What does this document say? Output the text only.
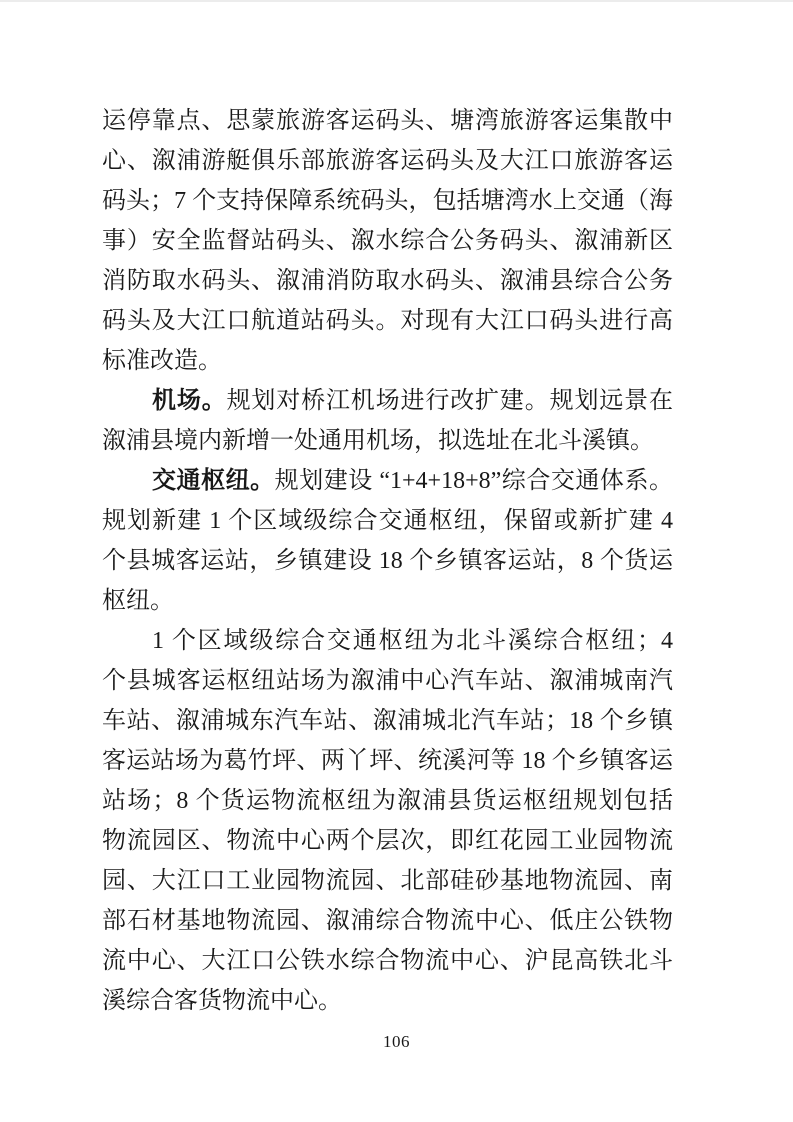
运停靠点、思蒙旅游客运码头、塘湾旅游客运集散中
心、溆浦游艇俱乐部旅游客运码头及大江口旅游客运
码头；7 个支持保障系统码头，包括塘湾水上交通（海
事）安全监督站码头、溆水综合公务码头、溆浦新区
消防取水码头、溆浦消防取水码头、溆浦县综合公务
码头及大江口航道站码头。对现有大江口码头进行高
标准改造。
机场。规划对桥江机场进行改扩建。规划远景在
溆浦县境内新增一处通用机场，拟选址在北斗溪镇。
交通枢纽。规划建设 “1+4+18+8”综合交通体系。
规划新建 1 个区域级综合交通枢纽，保留或新扩建 4
个县城客运站，乡镇建设 18 个乡镇客运站，8 个货运
枢纽。
1 个区域级综合交通枢纽为北斗溪综合枢纽；4
个县城客运枢纽站场为溆浦中心汽车站、溆浦城南汽
车站、溆浦城东汽车站、溆浦城北汽车站；18 个乡镇
客运站场为葛竹坪、两丫坪、统溪河等 18 个乡镇客运
站场；8 个货运物流枢纽为溆浦县货运枢纽规划包括
物流园区、物流中心两个层次，即红花园工业园物流
园、大江口工业园物流园、北部硅砂基地物流园、南
部石材基地物流园、溆浦综合物流中心、低庄公铁物
流中心、大江口公铁水综合物流中心、沪昆高铁北斗
溪综合客货物流中心。
106
